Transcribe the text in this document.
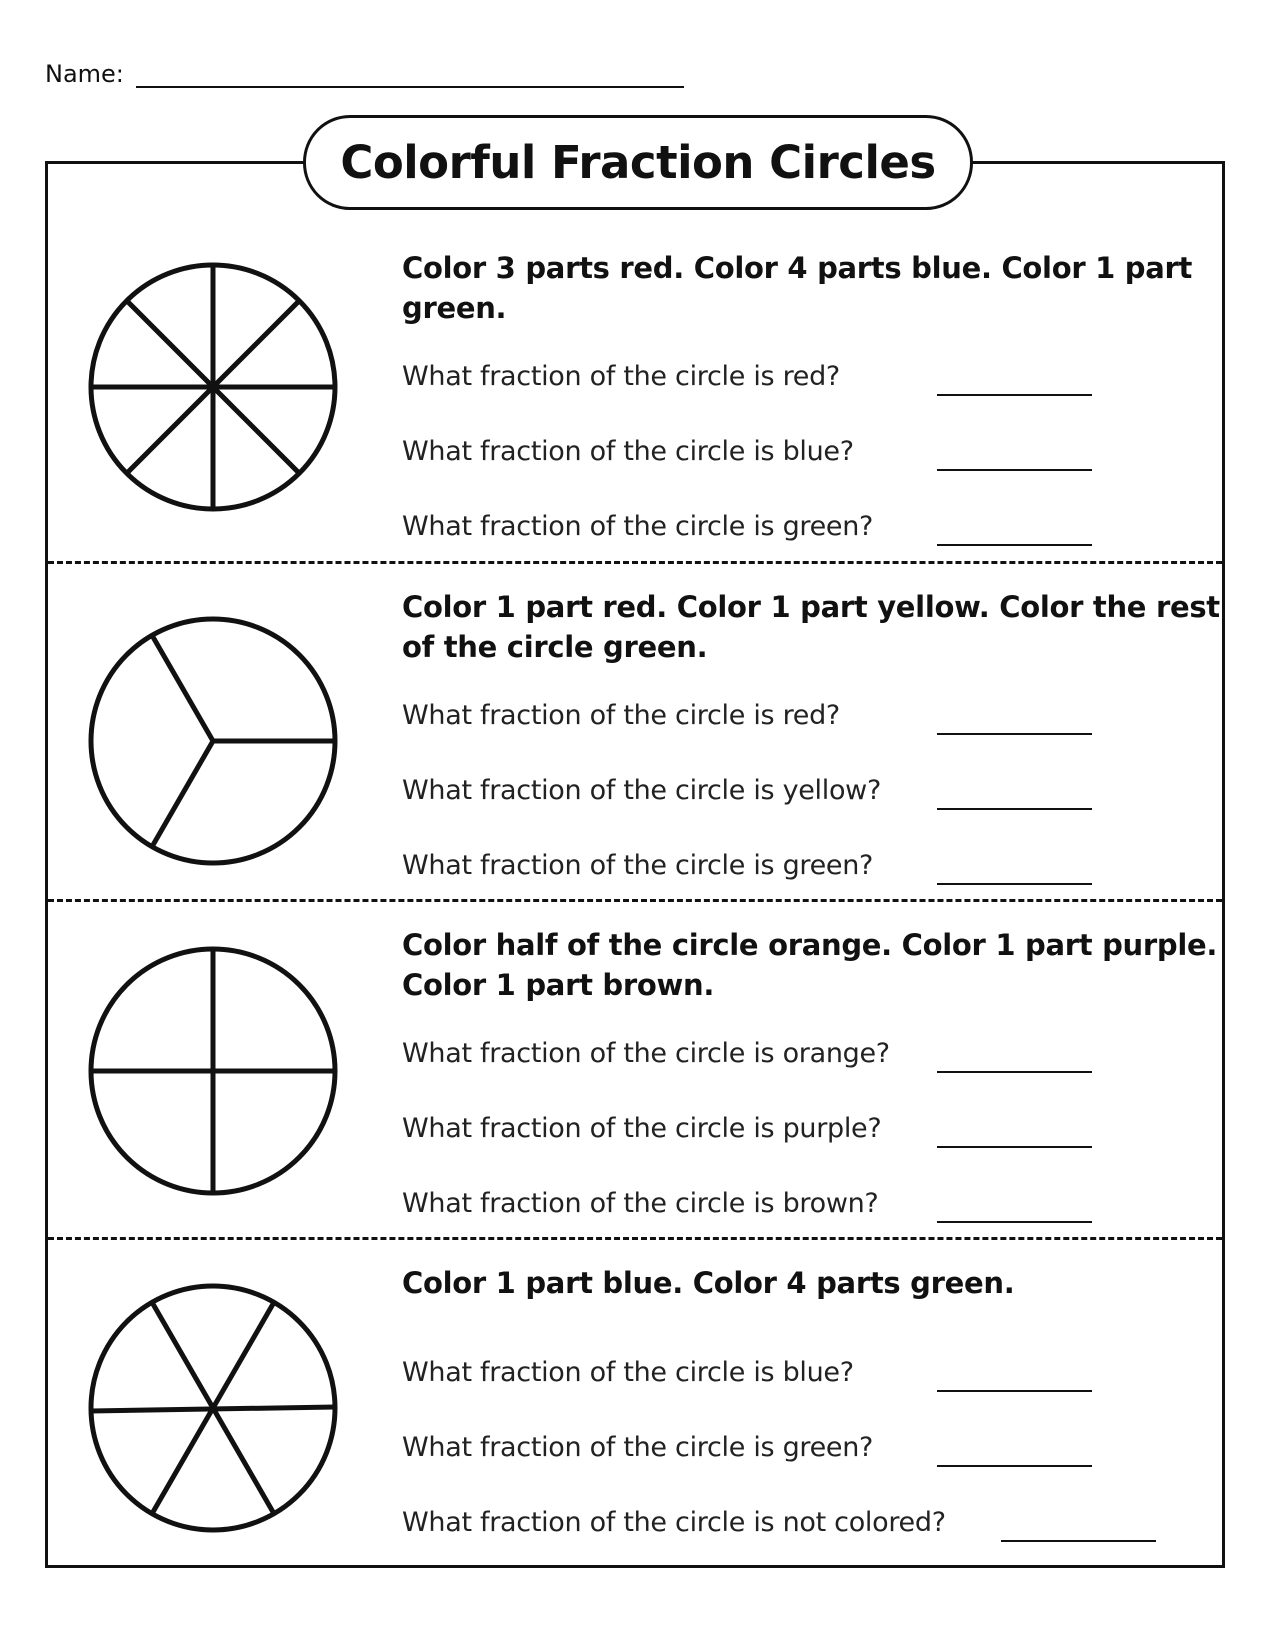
Name:
Colorful Fraction Circles
Color 3 parts red. Color 4 parts blue. Color 1 part green.
What fraction of the circle is red?
What fraction of the circle is blue?
What fraction of the circle is green?
Color 1 part red. Color 1 part yellow. Color the rest of the circle green.
What fraction of the circle is red?
What fraction of the circle is yellow?
What fraction of the circle is green?
Color half of the circle orange. Color 1 part purple. Color 1 part brown.
What fraction of the circle is orange?
What fraction of the circle is purple?
What fraction of the circle is brown?
Color 1 part blue. Color 4 parts green.
What fraction of the circle is blue?
What fraction of the circle is green?
What fraction of the circle is not colored?
